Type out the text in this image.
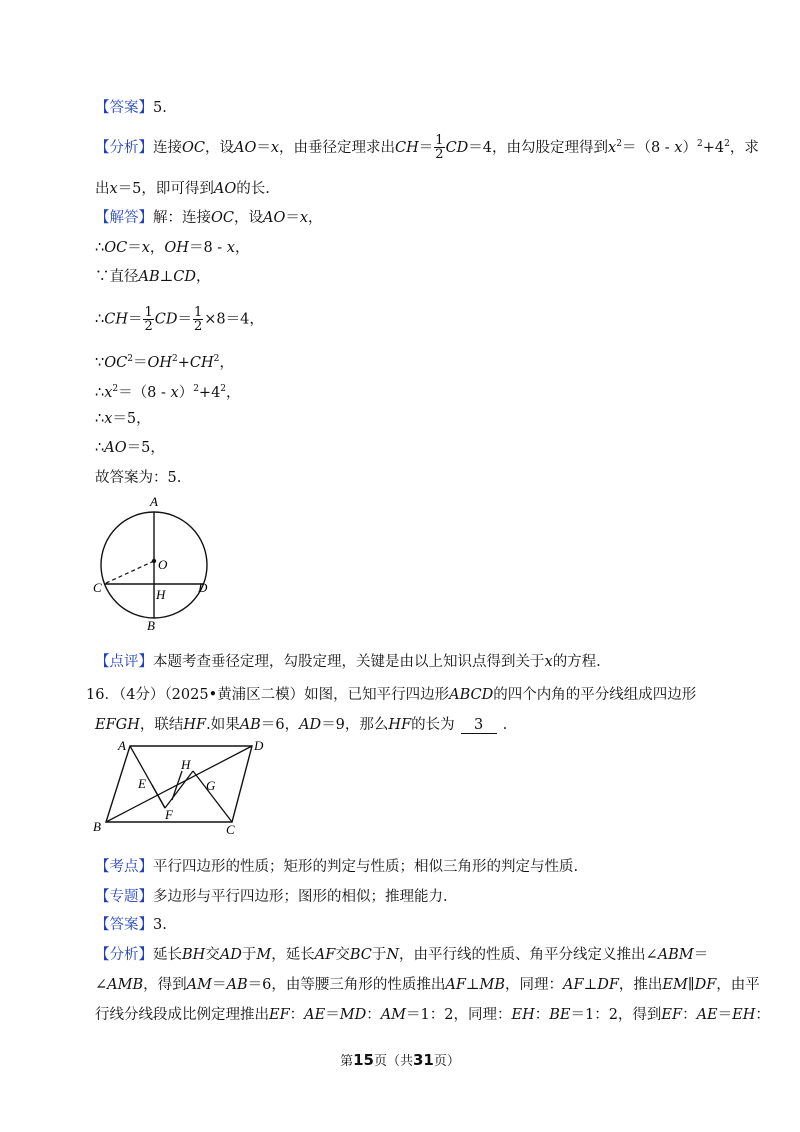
【答案】5.
【分析】连接OC，设AO＝x，由垂径定理求出$CH= \frac{1}{2} CD=4$，由勾股定理得到$x^2=(8 - x)^2+4^2$，求
出x＝5，即可得到AO的长.
【解答】解：连接OC，设AO＝x，
∴OC＝x，OH＝8 - x，
∵直径AB⊥CD，
∴CH＝ $\frac{1}{2} CD= \frac{1}{2} \times 8=4$，
$\because OC^2=OH^2+CH^2$，
$\therefore x^2=(8 - x)^2+4^2$，
∴x＝5，
∴AO＝5，
故答案为：5.
A
O
C	H	D
B
【点评】本题考查垂径定理，勾股定理，关键是由以上知识点得到关于x的方程.
16．（4分）（2025•黄浦区二模）如图，已知平行四边形ABCD的四个内角的平分线组成四边形
EFGH，联结HF.如果AB＝6，AD＝9，那么HF的长为 3 .
A
H
D
E	G
F
B	C
【考点】平行四边形的性质；矩形的判定与性质；相似三角形的判定与性质.
【专题】多边形与平行四边形；图形的相似；推理能力.
【答案】3.
【分析】延长BH交AD于M，延长AF交BC于N，由平行线的性质、角平分线定义推出∠ABM＝
∠AMB，得到AM＝AB＝6，由等腰三角形的性质推出AF⊥MB，同理：AF⊥DF，推出EM∥DF，由平
行线分线段成比例定理推出EF：AE＝MD：AM＝1：2，同理：EH：BE＝1：2，得到EF：AE＝EH：
第15页（共31页）
